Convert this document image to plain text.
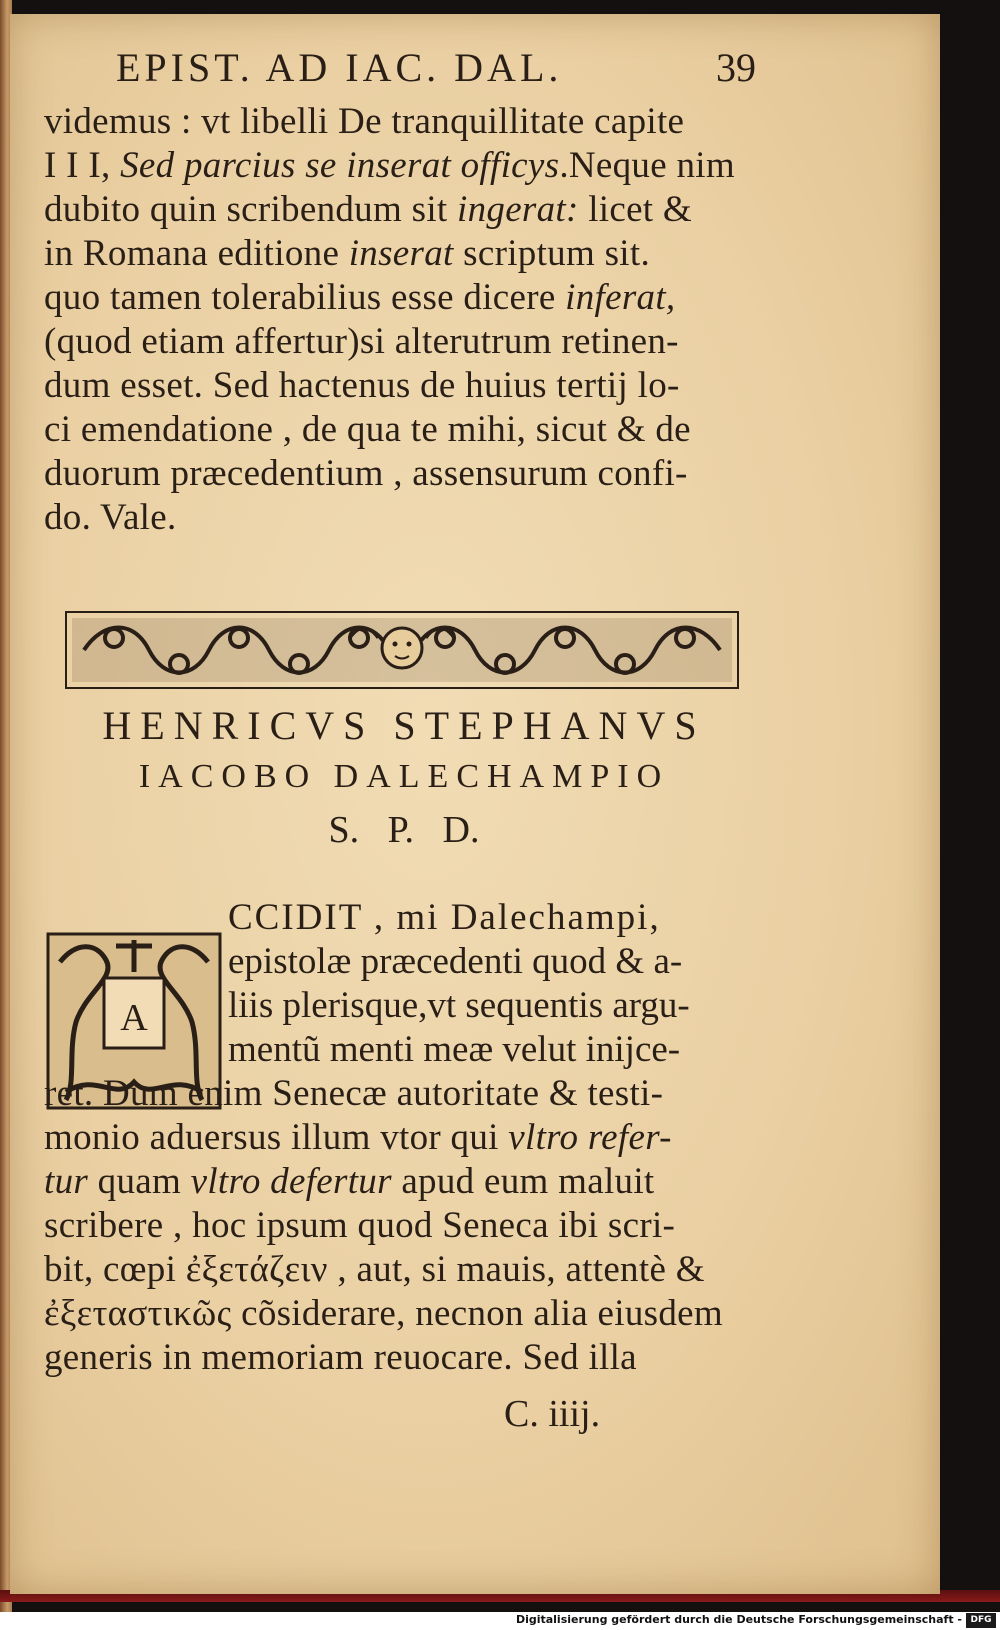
EPIST. AD IAC. DAL.	39
videmus : vt libelli De tranquillitate capite
I I I, Sed parcius se inserat officys.Neque nim
dubito quin scribendum sit ingerat: licet &
in Romana editione inserat scriptum sit.
quo tamen tolerabilius esse dicere inferat,
(quod etiam affertur)si alterutrum retinen-
dum esset. Sed hactenus de huius tertij lo-
ci emendatione , de qua te mihi, sicut & de
duorum præcedentium , assensurum confi-
do. Vale.
HENRICVS STEPHANVS
IACOBO DALECHAMPIO
S.   P.   D.
A
CCIDIT , mi Dalechampi,
epistolæ præcedenti quod & a-
liis plerisque,vt sequentis argu-
mentũ menti meæ velut inijce-
ret. Dum enim Senecæ autoritate & testi-
monio aduersus illum vtor qui vltro refer-
tur quam vltro defertur apud eum maluit
scribere , hoc ipsum quod Seneca ibi scri-
bit, cœpi ἐξετάζειν , aut, si mauis, attentè &
ἐξεταστικῶς cõsiderare, necnon alia eiusdem
generis in memoriam reuocare. Sed illa
C. iiij.
Digitalisierung gefördert durch die Deutsche Forschungsgemeinschaft - DFG
